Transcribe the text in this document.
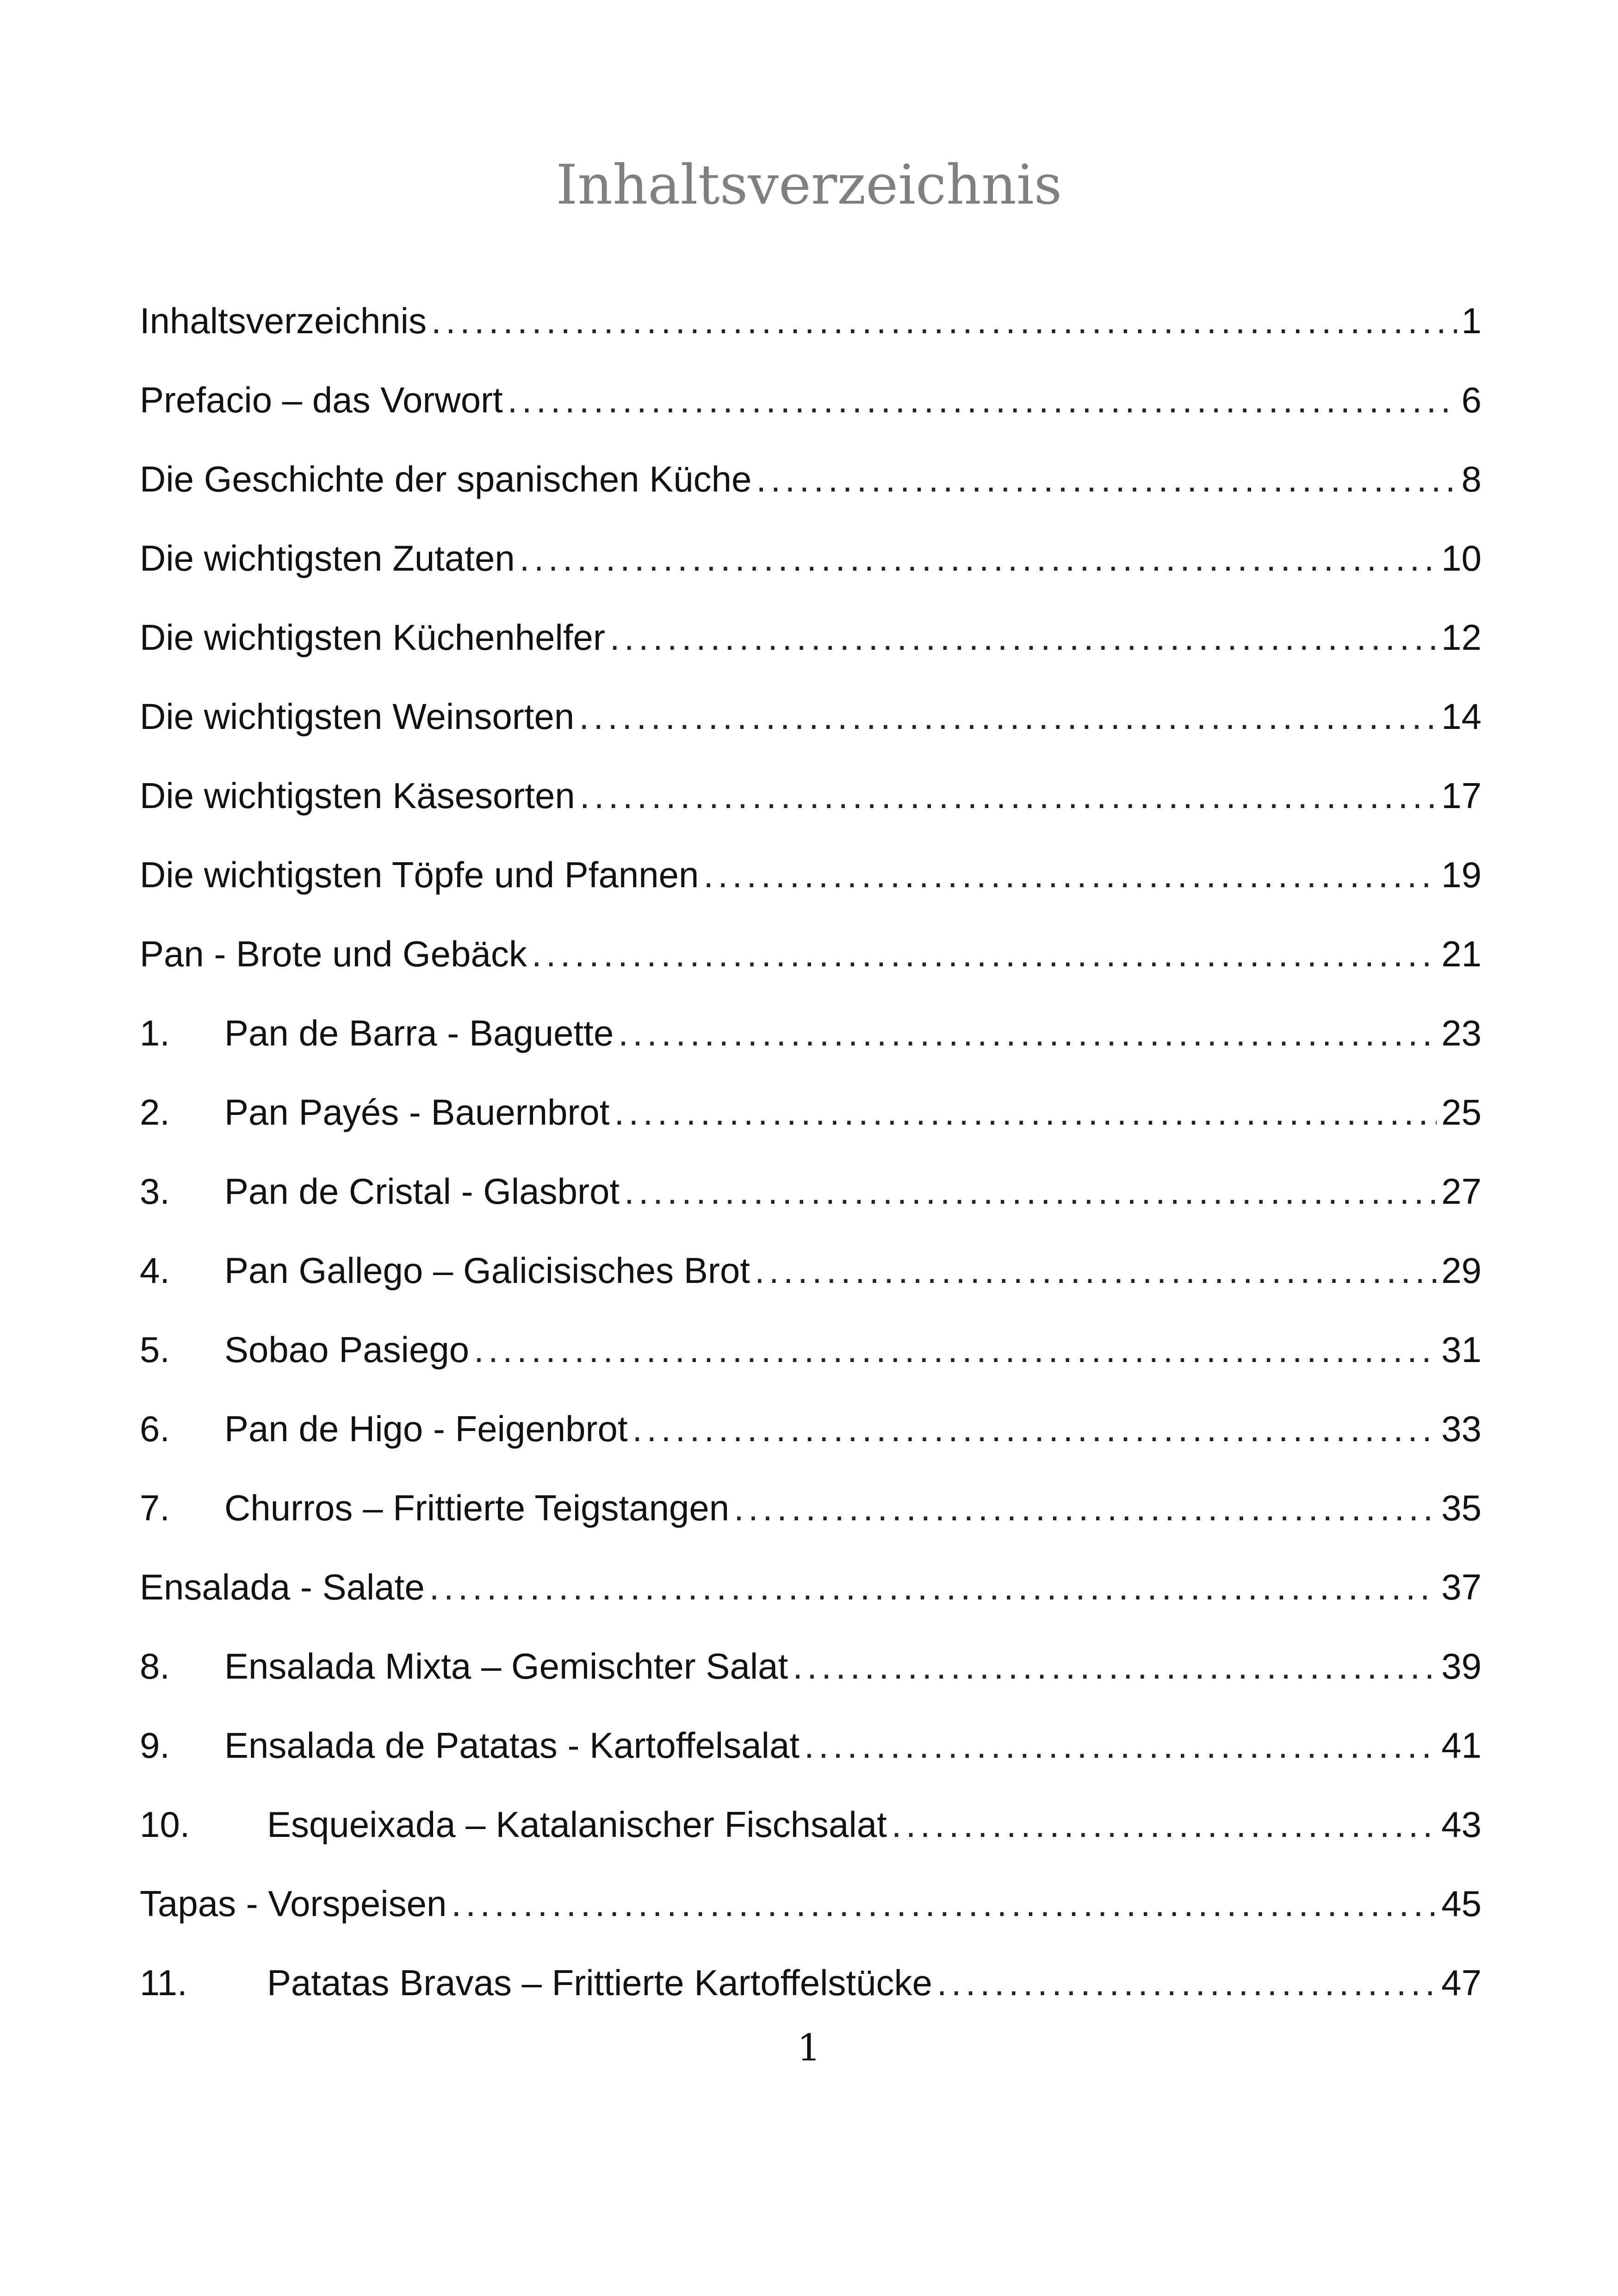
Inhaltsverzeichnis
Inhaltsverzeichnis .....	1
Prefacio – das Vorwort .....	6
Die Geschichte der spanischen Küche .....	8
Die wichtigsten Zutaten .....	10
Die wichtigsten Küchenhelfer .....	12
Die wichtigsten Weinsorten .....	14
Die wichtigsten Käsesorten .....	17
Die wichtigsten Töpfe und Pfannen .....	19
Pan - Brote und Gebäck .....	21
1.	Pan de Barra - Baguette .....	23
2.	Pan Payés - Bauernbrot .....	25
3.	Pan de Cristal - Glasbrot .....	27
4.	Pan Gallego – Galicisisches Brot .....	29
5.	Sobao Pasiego .....	31
6.	Pan de Higo - Feigenbrot .....	33
7.	Churros – Frittierte Teigstangen .....	35
Ensalada - Salate .....	37
8.	Ensalada Mixta – Gemischter Salat .....	39
9.	Ensalada de Patatas - Kartoffelsalat .....	41
10.	Esqueixada – Katalanischer Fischsalat .....	43
Tapas - Vorspeisen .....	45
11.	Patatas Bravas – Frittierte Kartoffelstücke .....	47
1
